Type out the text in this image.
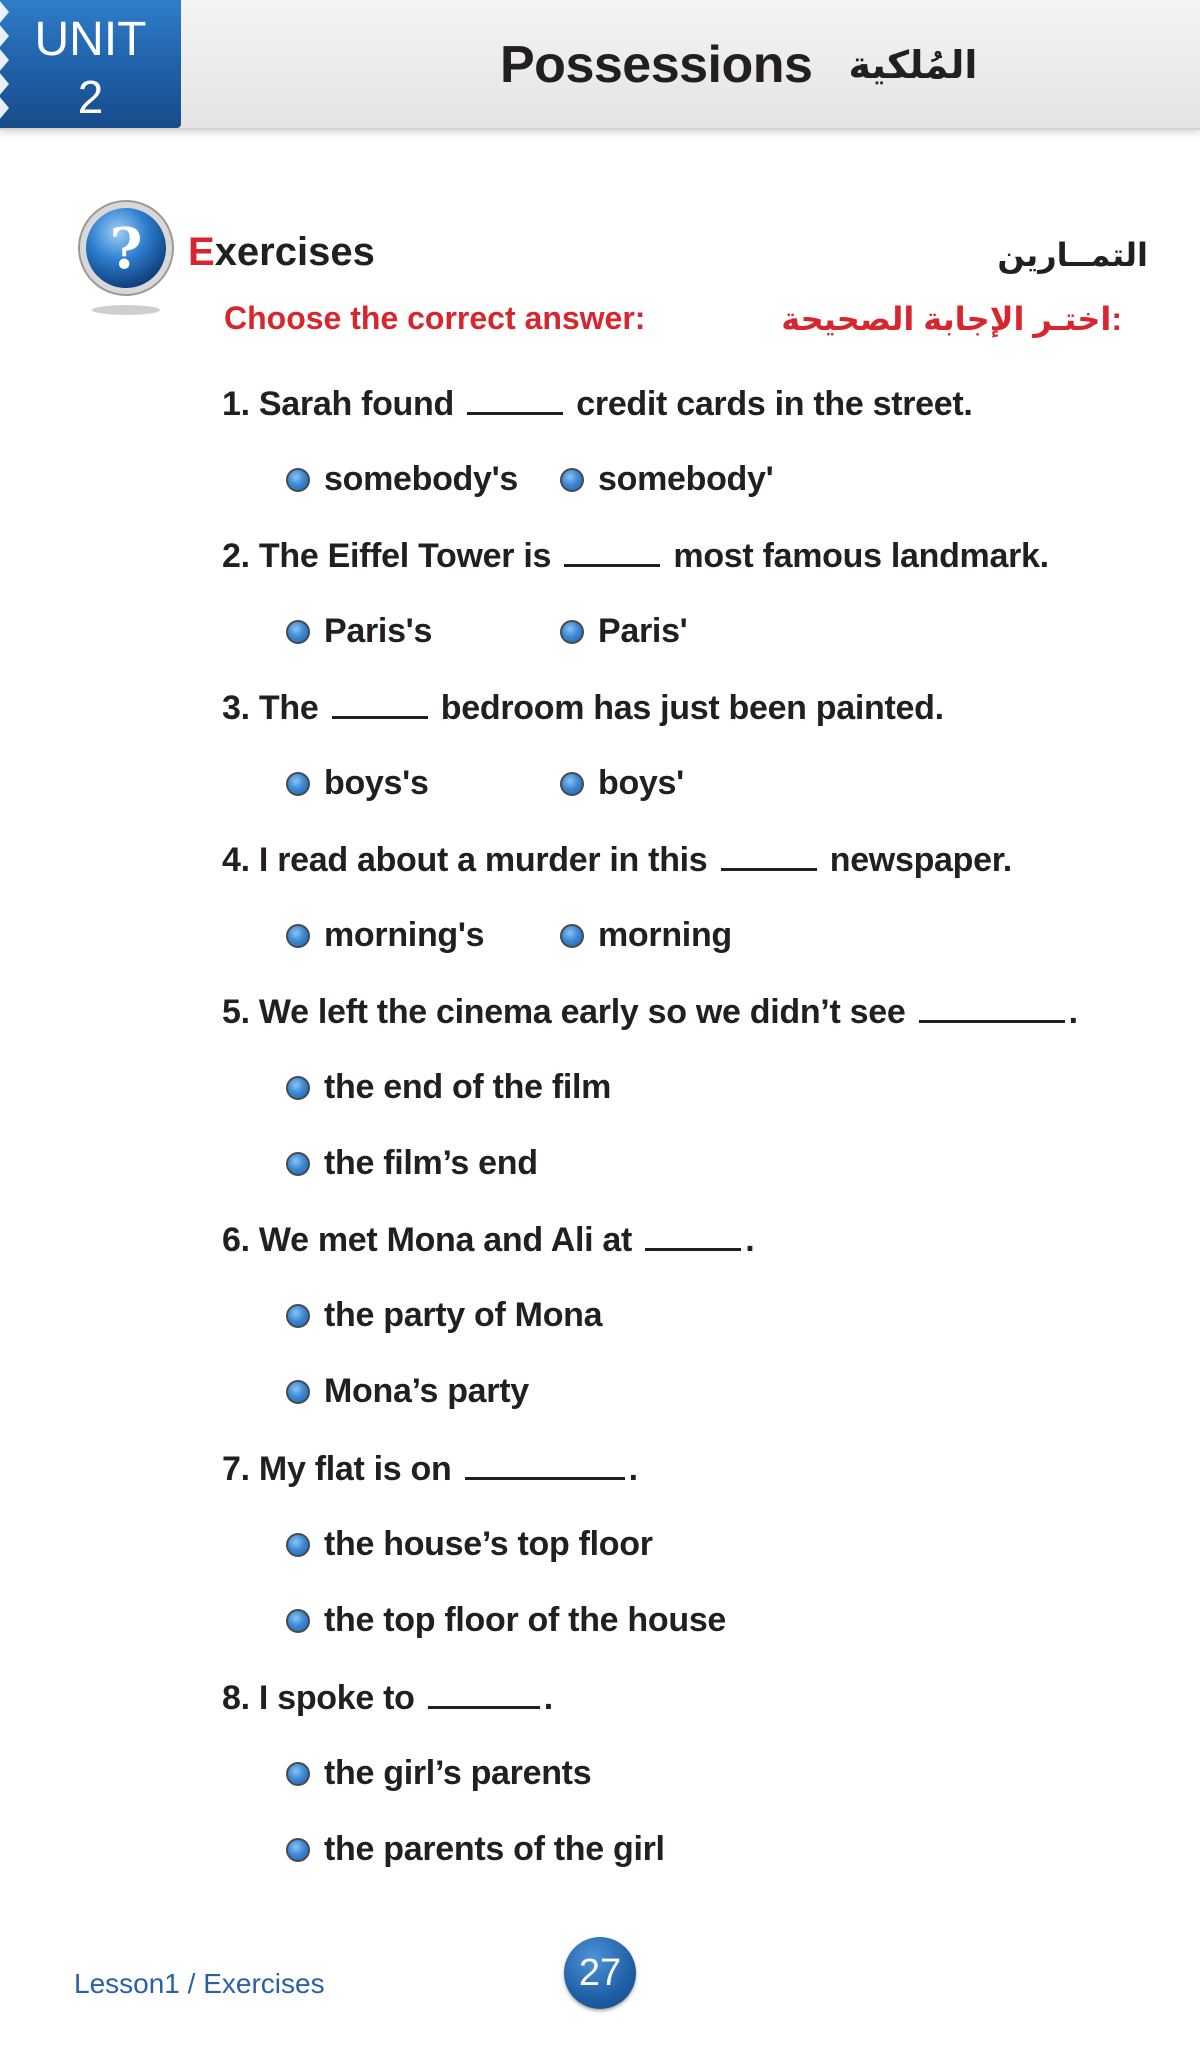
UNIT
2
Possessions المُلكية
? Exercises	التمــارين
Choose the correct answer:	:اختـر الإجابة الصحيحة
1. Sarah found	credit cards in the street.
somebody's somebody'
2. The Eiffel Tower is	most famous landmark.
Paris's	Paris'
3. The	bedroom has just been painted.
boys's	boys'
4. I read about a murder in this	newspaper.
morning's	morning
5. We left the cinema early so we didn’t see	.
the end of the film
the film’s end
6. We met Mona and Ali at	.
the party of Mona
Mona’s party
7. My flat is on	.
the house’s top floor
the top floor of the house
8. I spoke to	.
the girl’s parents
the parents of the girl
Lesson1 / Exercises	27
